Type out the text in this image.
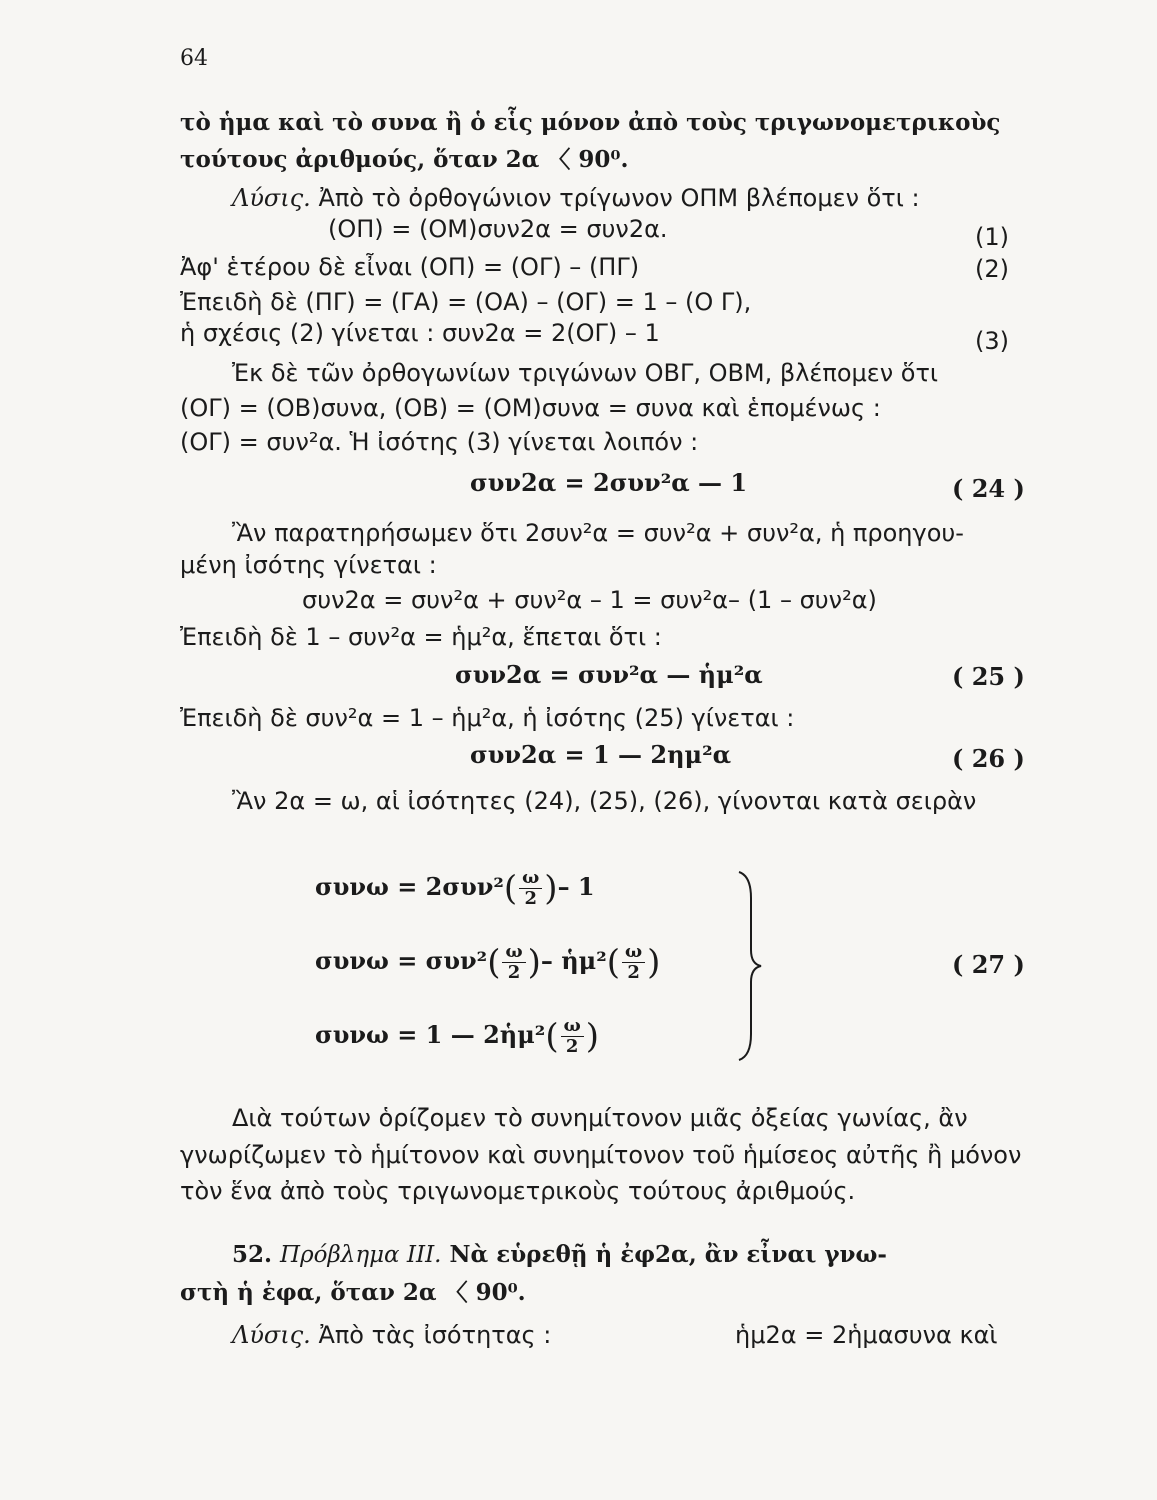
64
τὸ ἡμα καὶ τὸ συνα ἢ ὁ εἷς μόνον ἀπὸ τοὺς τριγωνομετρικοὺς
τούτους ἀριθμούς, ὅταν 2α 〈 90⁰.
Λύσις. Ἀπὸ τὸ ὀρθογώνιον τρίγωνον ΟΠΜ βλέπομεν ὅτι :
(ΟΠ) = (ΟΜ)συν2α = συν2α.	(1)
Ἀφ' ἑτέρου δὲ εἶναι (ΟΠ) = (ΟΓ) – (ΠΓ)	(2)
Ἐπειδὴ δὲ (ΠΓ) = (ΓΑ) = (ΟΑ) – (ΟΓ) = 1 – (Ο Γ),
ἡ σχέσις (2) γίνεται : συν2α = 2(ΟΓ) – 1	(3)
Ἐκ δὲ τῶν ὀρθογωνίων τριγώνων ΟΒΓ, ΟΒΜ, βλέπομεν ὅτι
(ΟΓ) = (ΟΒ)συνα, (ΟΒ) = (ΟΜ)συνα = συνα καὶ ἑπομένως :
(ΟΓ) = συν²α. Ἡ ἰσότης (3) γίνεται λοιπόν :
συν2α = 2συν²α — 1	( 24 )
Ἂν παρατηρήσωμεν ὅτι 2συν²α = συν²α + συν²α, ἡ προηγου-
μένη ἰσότης γίνεται :
συν2α = συν²α + συν²α – 1 = συν²α– (1 – συν²α)
Ἐπειδὴ δὲ 1 – συν²α = ἡμ²α, ἕπεται ὅτι :
συν2α = συν²α — ἡμ²α	( 25 )
Ἐπειδὴ δὲ συν²α = 1 – ἡμ²α, ἡ ἰσότης (25) γίνεται :
συν2α = 1 — 2ημ²α	( 26 )
Ἂν 2α = ω, αἱ ἰσότητες (24), (25), (26), γίνονται κατὰ σειρὰν
$\sigma\upsilon\nu\omega = 2\sigma\upsilon\nu^2( \frac{\omega}{2}$ )– 1
$\sigma\upsilon\nu\omega = \sigma\upsilon\nu^2( \frac{\omega}{2}$ )– ἡμ²( $\frac{\omega}{2}$ )
συνω = 1 — 2ἡμ²( $\frac{\omega}{2}$ )
( 27 )
Διὰ τούτων ὁρίζομεν τὸ συνημίτονον μιᾶς ὀξείας γωνίας, ἂν
γνωρίζωμεν τὸ ἡμίτονον καὶ συνημίτονον τοῦ ἡμίσεος αὐτῆς ἢ μόνον
τὸν ἕνα ἀπὸ τοὺς τριγωνομετρικοὺς τούτους ἀριθμούς.
52. Πρόβλημα ΙΙΙ. Νὰ εὑρεθῇ ἡ ἐφ2α, ἂν εἶναι γνω-
στὴ ἡ ἐφα, ὅταν 2α 〈 90⁰.
Λύσις. Ἀπὸ τὰς ἰσότητας :	ἡμ2α = 2ἡμασυνα καὶ
